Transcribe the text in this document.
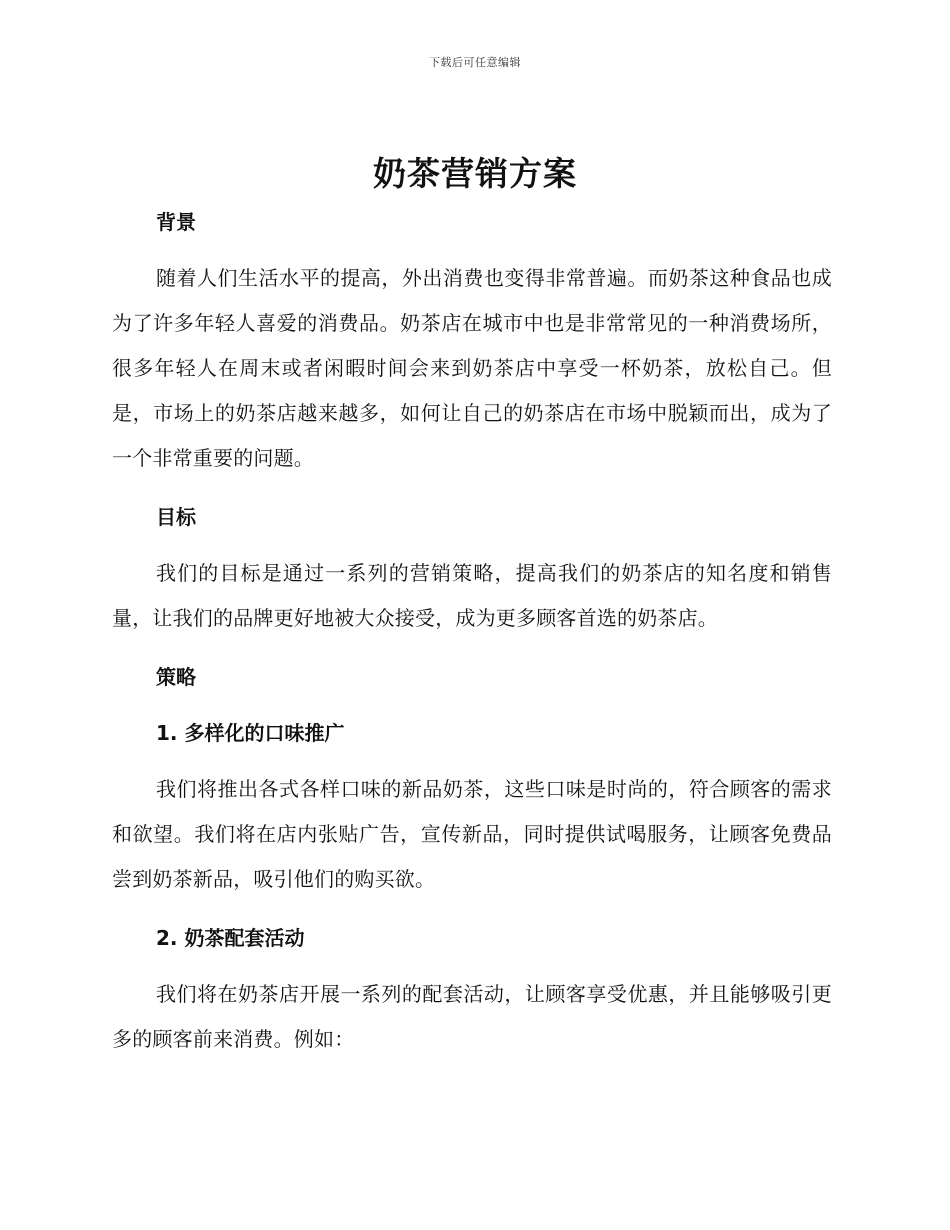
下载后可任意编辑
奶茶营销方案
背景

随着人们生活水平的提高，外出消费也变得非常普遍。而奶茶这种食品也成为了许多年轻人喜爱的消费品。奶茶店在城市中也是非常常见的一种消费场所，很多年轻人在周末或者闲暇时间会来到奶茶店中享受一杯奶茶，放松自己。但是，市场上的奶茶店越来越多，如何让自己的奶茶店在市场中脱颖而出，成为了一个非常重要的问题。

目标

我们的目标是通过一系列的营销策略，提高我们的奶茶店的知名度和销售量，让我们的品牌更好地被大众接受，成为更多顾客首选的奶茶店。

策略
1. 多样化的口味推广

我们将推出各式各样口味的新品奶茶，这些口味是时尚的，符合顾客的需求和欲望。我们将在店内张贴广告，宣传新品，同时提供试喝服务，让顾客免费品尝到奶茶新品，吸引他们的购买欲。

2. 奶茶配套活动

我们将在奶茶店开展一系列的配套活动，让顾客享受优惠，并且能够吸引更多的顾客前来消费。例如：
